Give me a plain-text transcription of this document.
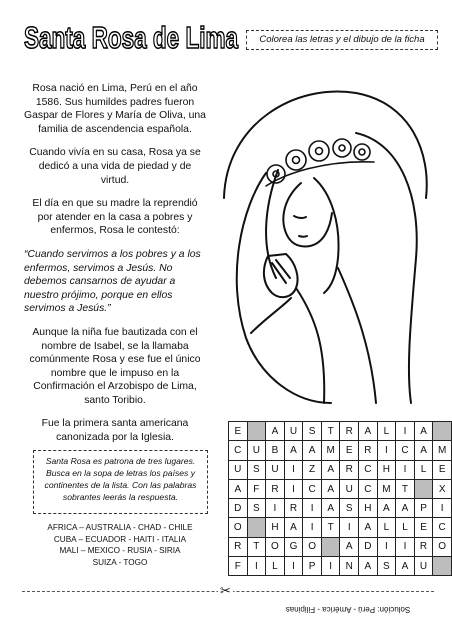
Santa Rosa de Lima	Colorea las letras y el dibujo de la ficha

Rosa nació en Lima, Perú en el año 1586. Sus humildes padres fueron Gaspar de Flores y María de Oliva, una familia de ascendencia española.

Cuando vivía en su casa, Rosa ya se dedicó a una vida de piedad y de virtud.

El día en que su madre la reprendió por atender en la casa a pobres y enfermos, Rosa le contestó:

“Cuando servimos a los pobres y a los enfermos, servimos a Jesús. No debemos cansarnos de ayudar a nuestro prójimo, porque en ellos servimos a Jesús.”

Aunque la niña fue bautizada con el nombre de Isabel, se la llamaba comúnmente Rosa y ese fue el único nombre que le impuso en la Confirmación el Arzobispo de Lima, santo Toribio.

Fue la primera santa americana canonizada por la Iglesia.

Santa Rosa es patrona de tres lugares.
Busca en la sopa de letras los países y continentes de la lista. Con las palabras sobrantes leerás la respuesta.
AFRICA – AUSTRALIA - CHAD - CHILE
CUBA – ECUADOR - HAITI - ITALIA
MALI – MEXICO - RUSIA - SIRIA
SUIZA - TOGO
E		A	U	S	T	R	A	L	I	A	
C	U	B	A	A	M	E	R	I	C	A	M
U	S	U	I	Z	A	R	C	H	I	L	E
A	F	R	I	C	A	U	C	M	T		X
D	S	I	R	I	A	S	H	A	A	P	I
O		H	A	I	T	I	A	L	L	E	C
R	T	O	G	O		A	D	I	I	R	O
F	I	L	I	P	I	N	A	S	A	U	
✂
Solución: Perú - América - Filipinas
